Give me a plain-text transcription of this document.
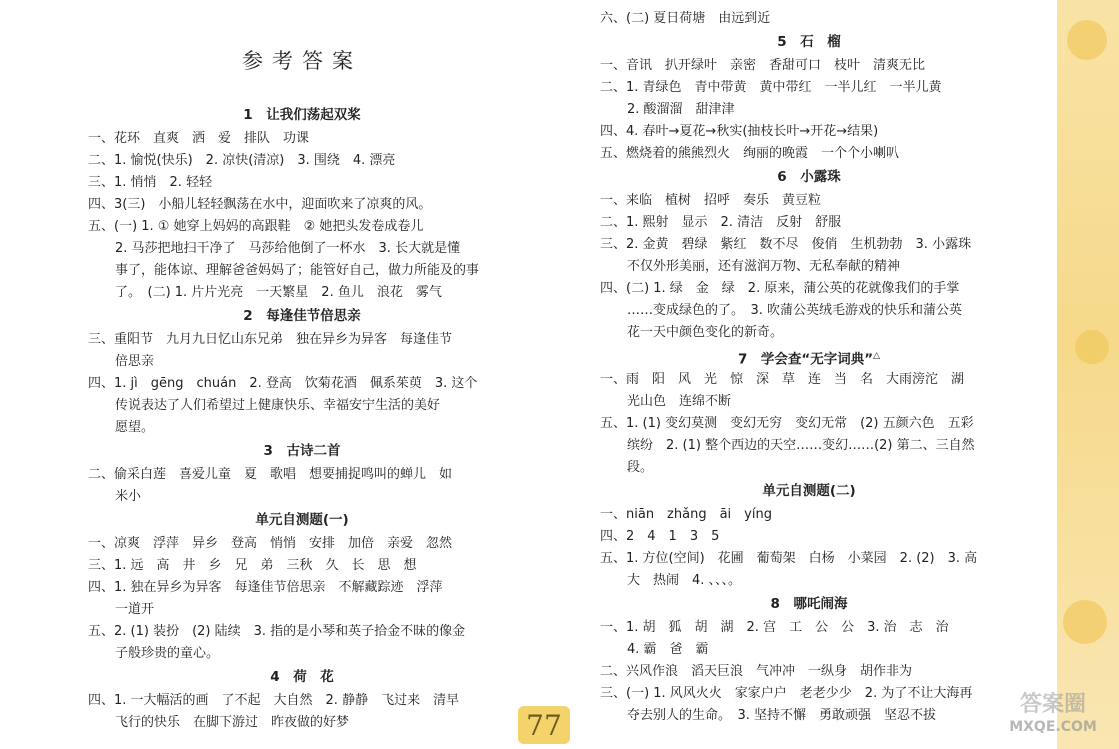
参考答案
1　让我们荡起双桨
一、花环　直爽　洒　爱　排队　功课
二、1. 愉悦(快乐)　2. 凉快(清凉)　3. 围绕　4. 漂亮
三、1. 悄悄　2. 轻轻
四、3(三)　小船儿轻轻飘荡在水中，迎面吹来了凉爽的风。
五、(一) 1. ① 她穿上妈妈的高跟鞋　② 她把头发卷成卷儿
2. 马莎把地扫干净了　马莎给他倒了一杯水　3. 长大就是懂
事了，能体谅、理解爸爸妈妈了；能管好自己，做力所能及的事
了。　(二) 1. 片片光亮　一天繁星　2. 鱼儿　浪花　雾气
2　每逢佳节倍思亲
三、重阳节　九月九日忆山东兄弟　独在异乡为异客　每逢佳节
倍思亲
四、1. jì　gēng　chuán　2. 登高　饮菊花酒　佩系茱萸　3. 这个
传说表达了人们希望过上健康快乐、幸福安宁生活的美好
愿望。
3　古诗二首
二、偷采白莲　喜爱儿童　夏　歌唱　想要捕捉鸣叫的蝉儿　如
米小
单元自测题(一)
一、凉爽　浮萍　异乡　登高　悄悄　安排　加倍　亲爱　忽然
三、1. 远　高　井　乡　兄　弟　三秋　久　长　思　想
四、1. 独在异乡为异客　每逢佳节倍思亲　不解藏踪迹　浮萍
一道开
五、2. (1) 装扮　(2) 陆续　3. 指的是小琴和英子拾金不昧的像金
子般珍贵的童心。
4　荷　花
四、1. 一大幅活的画　了不起　大自然　2. 静静　飞过来　清早
飞行的快乐　在脚下游过　昨夜做的好梦
六、(二) 夏日荷塘　由远到近
5　石　榴
一、音讯　扒开绿叶　亲密　香甜可口　枝叶　清爽无比
二、1. 青绿色　青中带黄　黄中带红　一半儿红　一半儿黄
2. 酸溜溜　甜津津
四、4. 春叶→夏花→秋实(抽枝长叶→开花→结果)
五、燃烧着的熊熊烈火　绚丽的晚霞　一个个小喇叭
6　小露珠
一、来临　植树　招呼　奏乐　黄豆粒
二、1. 熙射　显示　2. 清洁　反射　舒服
三、2. 金黄　碧绿　紫红　数不尽　俊俏　生机勃勃　3. 小露珠
不仅外形美丽，还有滋润万物、无私奉献的精神
四、(二) 1. 绿　金　绿　2. 原来，蒲公英的花就像我们的手掌
……变成绿色的了。　3. 吹蒲公英绒毛游戏的快乐和蒲公英
花一天中颜色变化的新奇。
7　学会查“无字词典”△
一、雨　阳　风　光　惊　深　草　连　当　名　大雨滂沱　湖
光山色　连绵不断
五、1. (1) 变幻莫测　变幻无穷　变幻无常　(2) 五颜六色　五彩
缤纷　2. (1) 整个西边的天空……变幻……(2) 第二、三自然
段。
单元自测题(二)
一、niān　zhǎng　āi　yíng
四、2　4　1　3　5
五、1. 方位(空间)　花圃　葡萄架　白杨　小菜园　2. (2)　3. 高
大　热闹　4. 、、、。
8　哪吒闹海
一、1. 胡　狐　胡　湖　2. 宫　工　公　公　3. 治　志　治
4. 霸　爸　霸
二、兴风作浪　滔天巨浪　气冲冲　一纵身　胡作非为
三、(一) 1. 风风火火　家家户户　老老少少　2. 为了不让大海再
夺去别人的生命。　3. 坚持不懈　勇敢顽强　坚忍不拔
77
答案圈
MXQE.COM
